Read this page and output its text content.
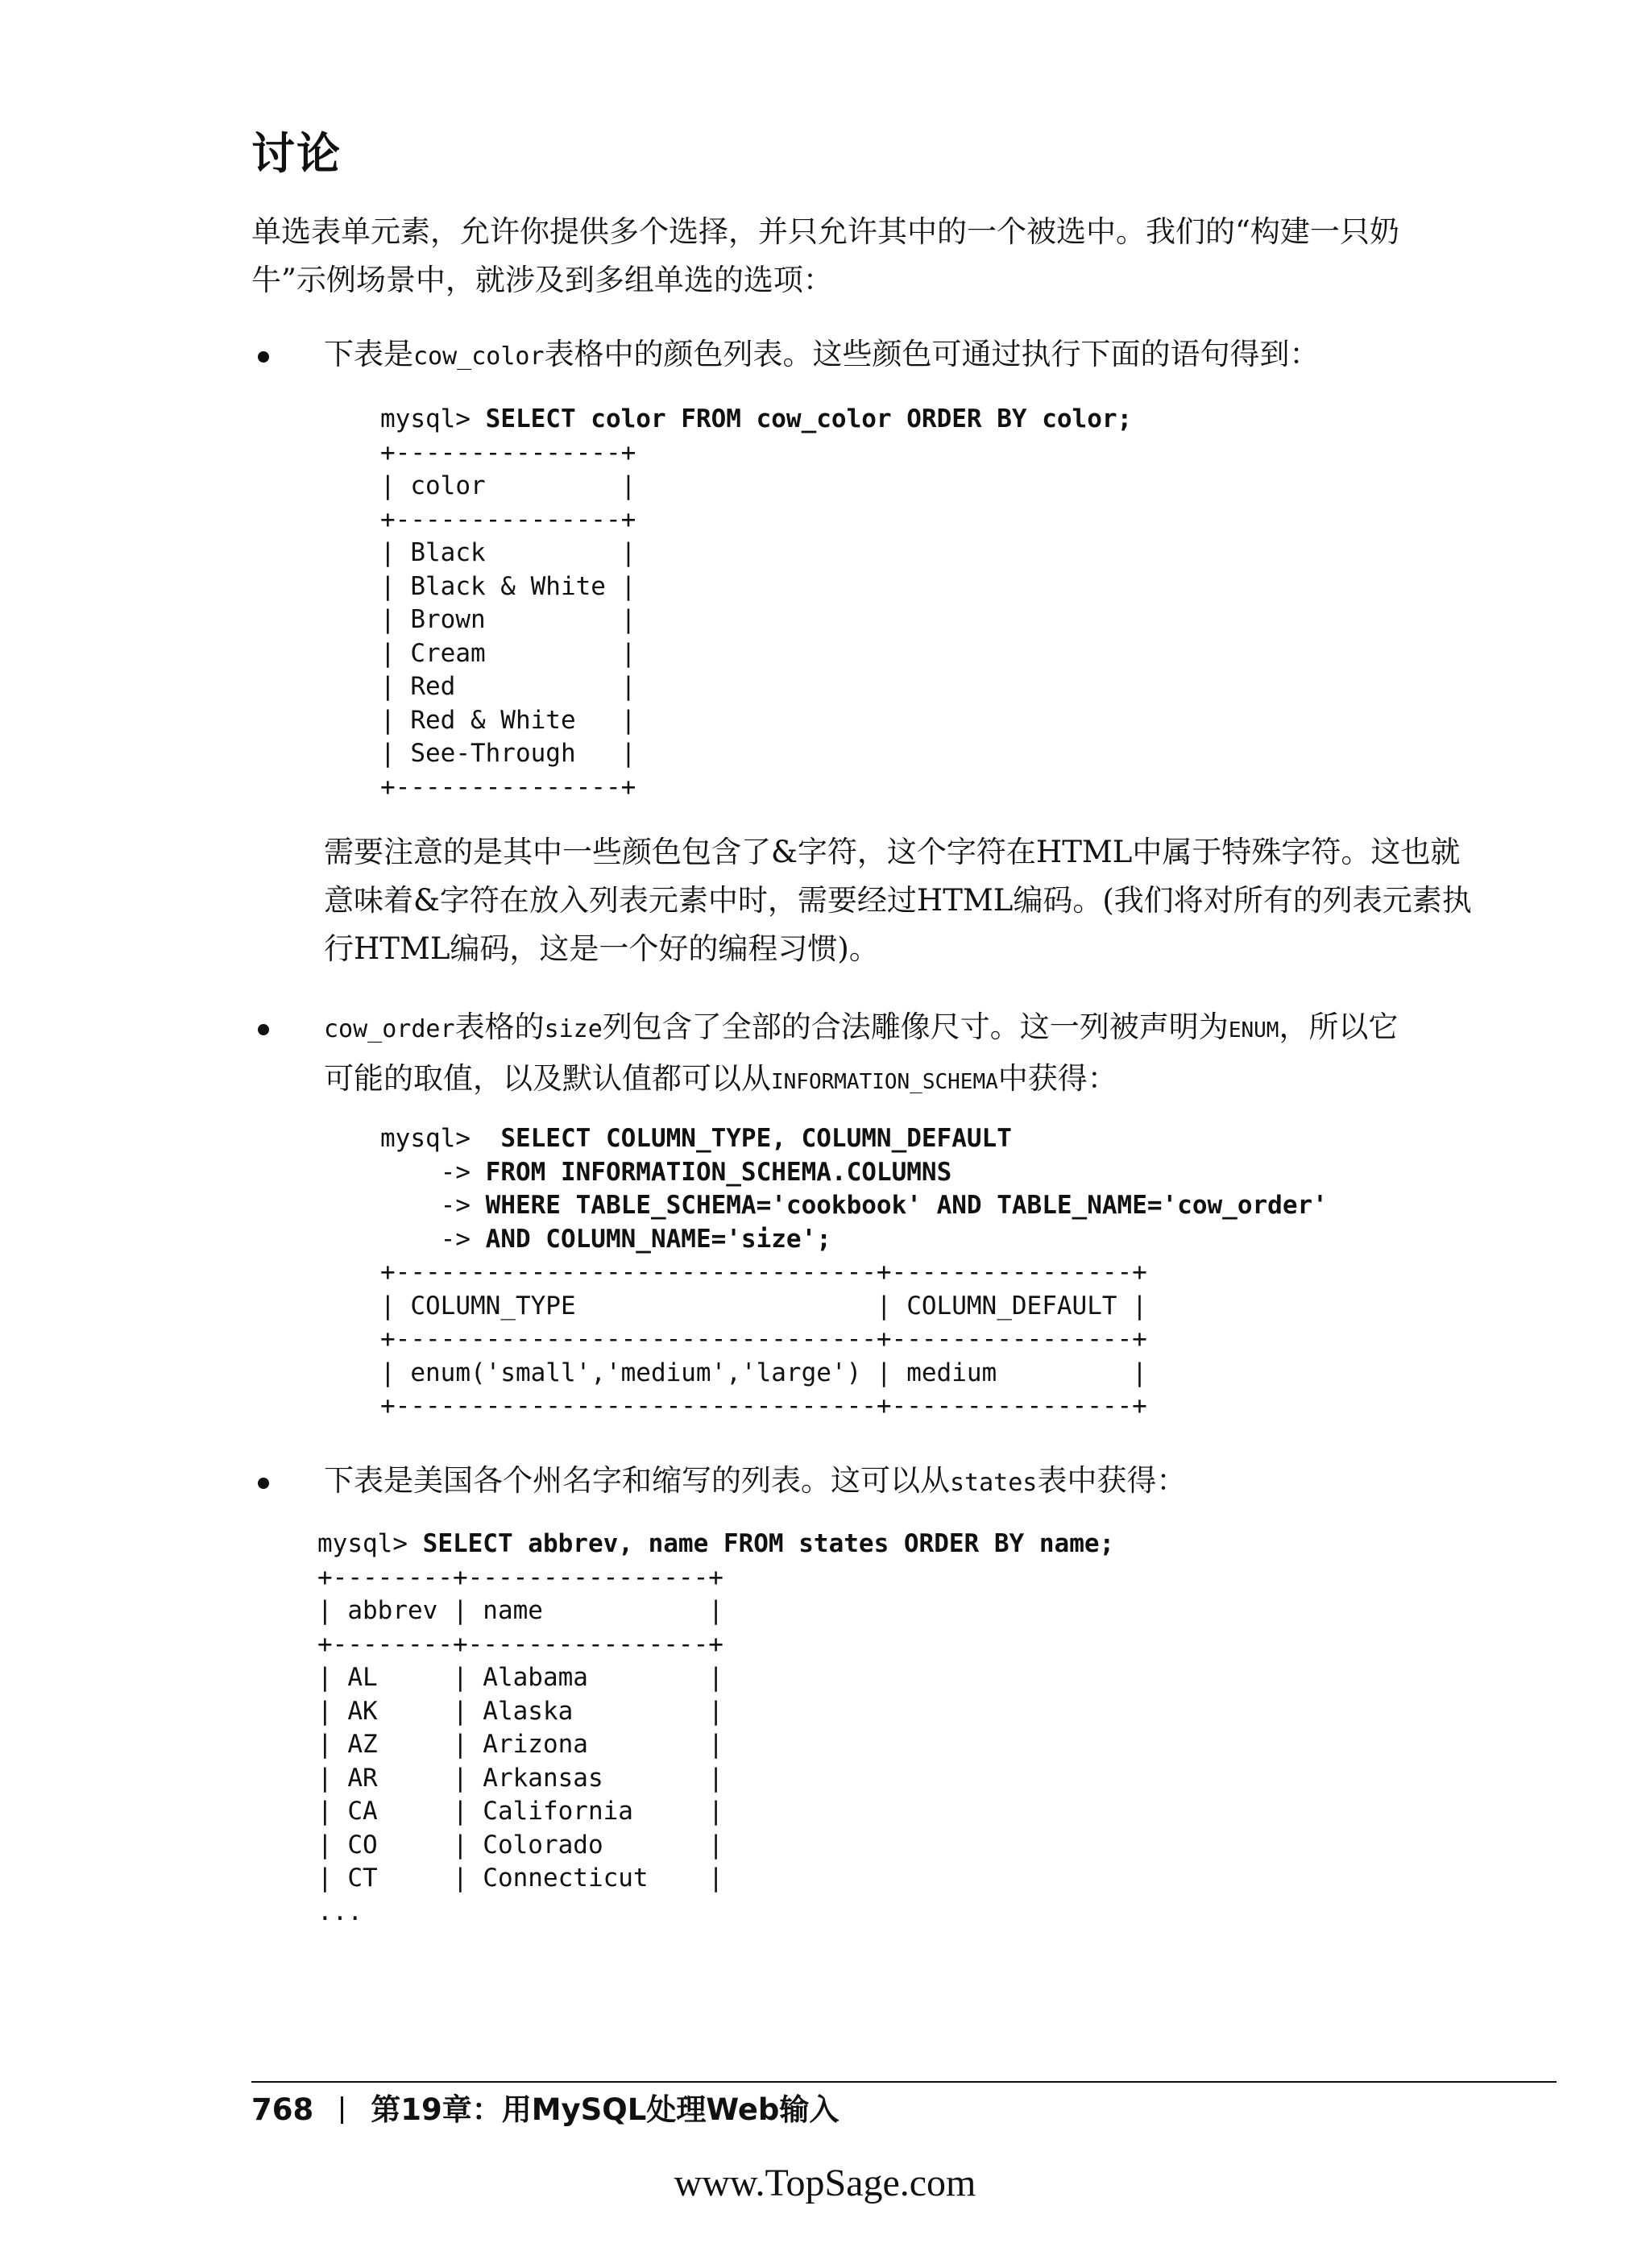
讨论
单选表单元素，允许你提供多个选择，并只允许其中的一个被选中。我们的“构建一只奶
牛”示例场景中，就涉及到多组单选的选项：
下表是cow_color表格中的颜色列表。这些颜色可通过执行下面的语句得到：
mysql> SELECT color FROM cow_color ORDER BY color;
+---------------+
| color         |
+---------------+
| Black         |
| Black & White |
| Brown         |
| Cream         |
| Red           |
| Red & White   |
| See-Through   |
+---------------+
需要注意的是其中一些颜色包含了&字符，这个字符在HTML中属于特殊字符。这也就
意味着&字符在放入列表元素中时，需要经过HTML编码。(我们将对所有的列表元素执
行HTML编码，这是一个好的编程习惯)。
cow_order表格的size列包含了全部的合法雕像尺寸。这一列被声明为ENUM，所以它
可能的取值，以及默认值都可以从INFORMATION_SCHEMA中获得：
mysql>  SELECT COLUMN_TYPE, COLUMN_DEFAULT
-> FROM INFORMATION_SCHEMA.COLUMNS
-> WHERE TABLE_SCHEMA='cookbook' AND TABLE_NAME='cow_order'
-> AND COLUMN_NAME='size';
+--------------------------------+----------------+
| COLUMN_TYPE                    | COLUMN_DEFAULT |
+--------------------------------+----------------+
| enum('small','medium','large') | medium         |
+--------------------------------+----------------+
下表是美国各个州名字和缩写的列表。这可以从states表中获得：
mysql> SELECT abbrev, name FROM states ORDER BY name;
+--------+----------------+
| abbrev | name           |
+--------+----------------+
| AL     | Alabama        |
| AK     | Alaska         |
| AZ     | Arizona        |
| AR     | Arkansas       |
| CA     | California     |
| CO     | Colorado       |
| CT     | Connecticut    |
...
768 第19章：用MySQL处理Web输入
www.TopSage.com
